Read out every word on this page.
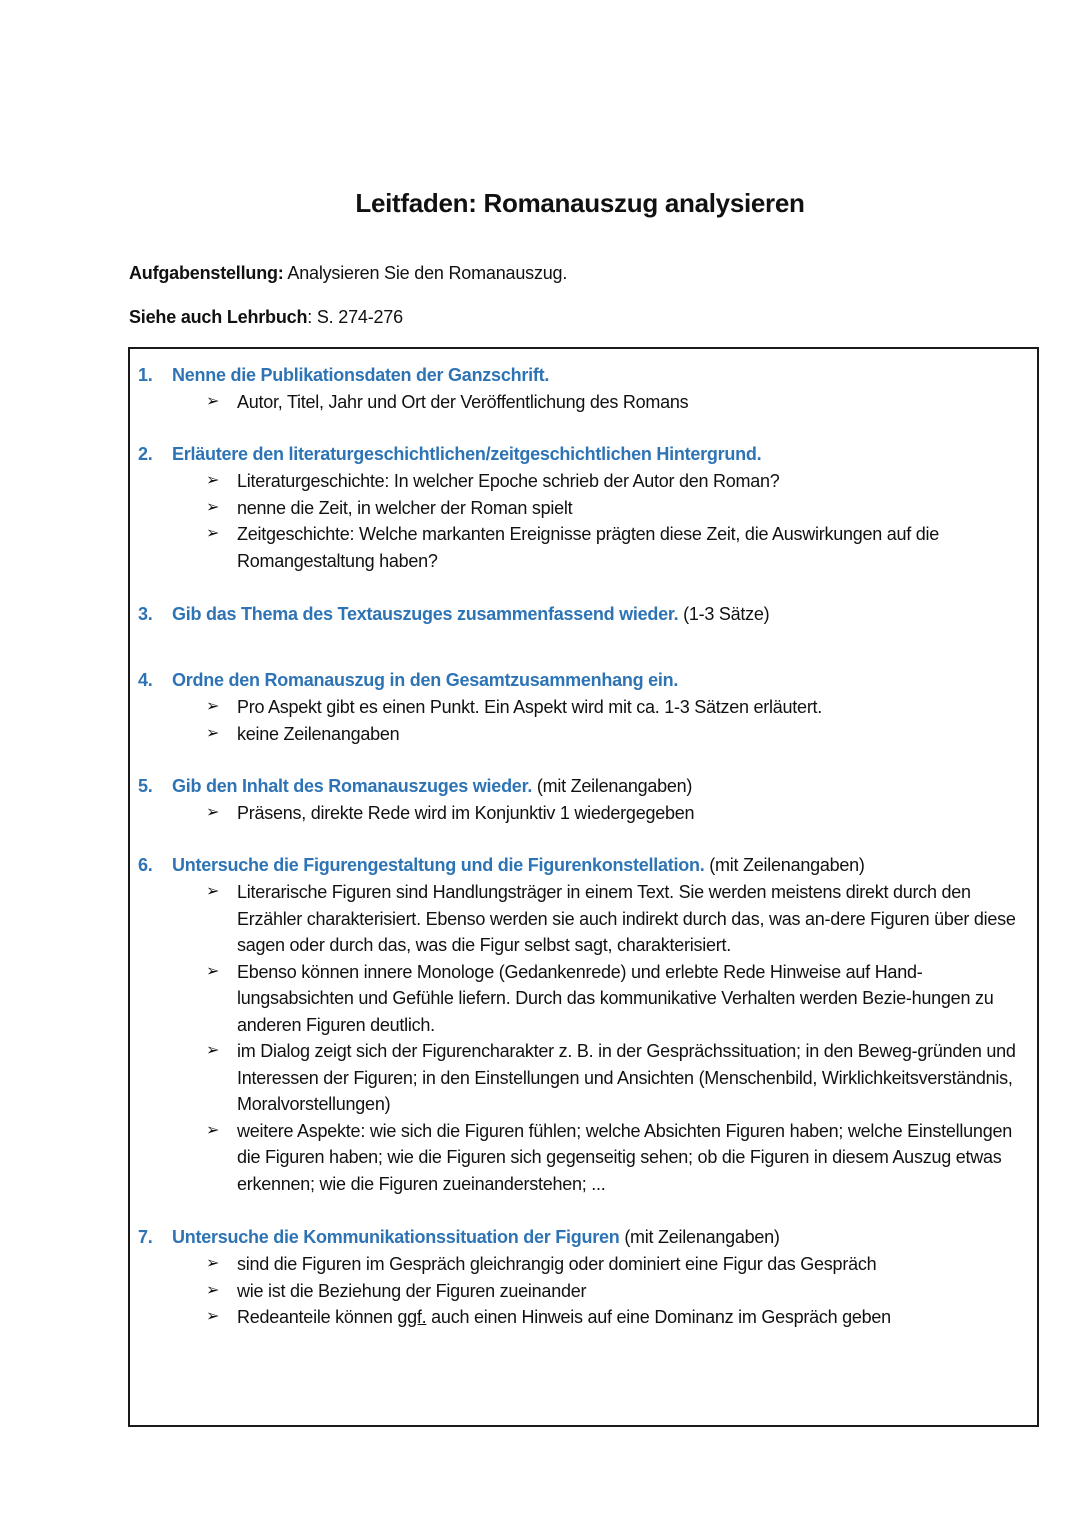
Leitfaden: Romanauszug analysieren
Aufgabenstellung: Analysieren Sie den Romanauszug.
Siehe auch Lehrbuch: S. 274-276
1. Nenne die Publikationsdaten der Ganzschrift.
➢ Autor, Titel, Jahr und Ort der Veröffentlichung des Romans
2. Erläutere den literaturgeschichtlichen/zeitgeschichtlichen Hintergrund.
➢ Literaturgeschichte: In welcher Epoche schrieb der Autor den Roman?
➢ nenne die Zeit, in welcher der Roman spielt
➢ Zeitgeschichte: Welche markanten Ereignisse prägten diese Zeit, die Auswirkungen auf die Romangestaltung haben?
3. Gib das Thema des Textauszuges zusammenfassend wieder. (1-3 Sätze)
4. Ordne den Romanauszug in den Gesamtzusammenhang ein.
➢ Pro Aspekt gibt es einen Punkt. Ein Aspekt wird mit ca. 1-3 Sätzen erläutert.
➢ keine Zeilenangaben
5. Gib den Inhalt des Romanauszuges wieder. (mit Zeilenangaben)
➢ Präsens, direkte Rede wird im Konjunktiv 1 wiedergegeben
6. Untersuche die Figurengestaltung und die Figurenkonstellation. (mit Zeilenangaben)
➢ Literarische Figuren sind Handlungsträger in einem Text. Sie werden meistens direkt durch den Erzähler charakterisiert. Ebenso werden sie auch indirekt durch das, was an-dere Figuren über diese sagen oder durch das, was die Figur selbst sagt, charakterisiert.
➢ Ebenso können innere Monologe (Gedankenrede) und erlebte Rede Hinweise auf Hand-lungsabsichten und Gefühle liefern. Durch das kommunikative Verhalten werden Bezie-hungen zu anderen Figuren deutlich.
➢ im Dialog zeigt sich der Figurencharakter z. B. in der Gesprächssituation; in den Beweg-gründen und Interessen der Figuren; in den Einstellungen und Ansichten (Menschenbild, Wirklichkeitsverständnis, Moralvorstellungen)
➢ weitere Aspekte: wie sich die Figuren fühlen; welche Absichten Figuren haben; welche Einstellungen die Figuren haben; wie die Figuren sich gegenseitig sehen; ob die Figuren in diesem Auszug etwas erkennen; wie die Figuren zueinanderstehen; ...
7. Untersuche die Kommunikationssituation der Figuren (mit Zeilenangaben)
➢ sind die Figuren im Gespräch gleichrangig oder dominiert eine Figur das Gespräch
➢ wie ist die Beziehung der Figuren zueinander
➢ Redeanteile können ggf. auch einen Hinweis auf eine Dominanz im Gespräch geben
